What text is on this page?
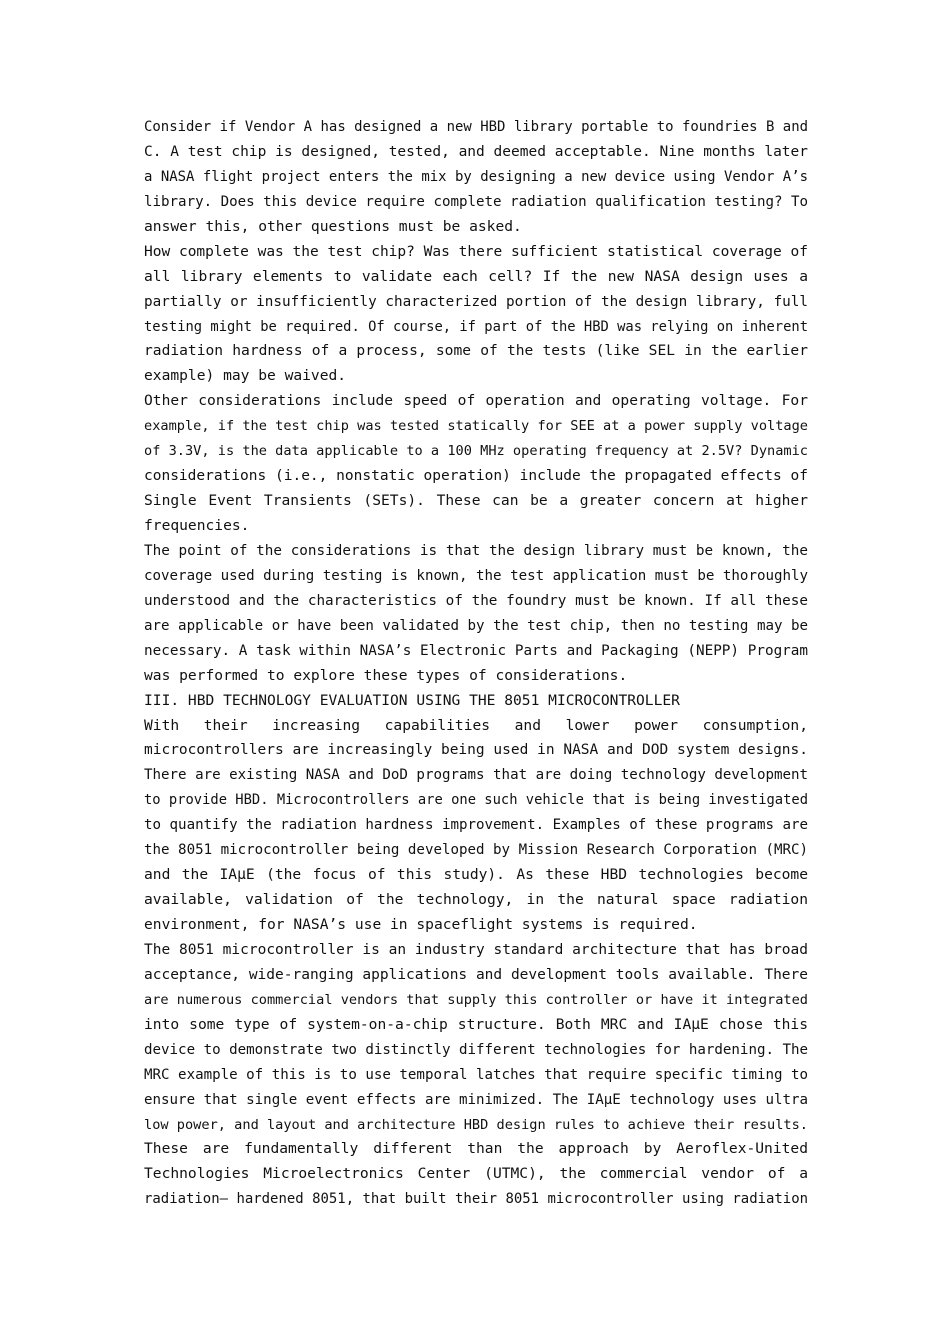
Consider if Vendor A has designed a new HBD library portable to foundries B and
C. A test chip is designed, tested, and deemed acceptable. Nine months later
a NASA flight project enters the mix by designing a new device using Vendor A’s
library. Does this device require complete radiation qualification testing? To
answer this, other questions must be asked.
How complete was the test chip? Was there sufficient statistical coverage of
all library elements to validate each cell? If the new NASA design uses a
partially or insufficiently characterized portion of the design library, full
testing might be required. Of course, if part of the HBD was relying on inherent
radiation hardness of a process, some of the tests (like SEL in the earlier
example) may be waived.
Other considerations include speed of operation and operating voltage. For
example, if the test chip was tested statically for SEE at a power supply voltage
of 3.3V, is the data applicable to a 100 MHz operating frequency at 2.5V? Dynamic
considerations (i.e., nonstatic operation) include the propagated effects of
Single Event Transients (SETs). These can be a greater concern at higher
frequencies.
The point of the considerations is that the design library must be known, the
coverage used during testing is known, the test application must be thoroughly
understood and the characteristics of the foundry must be known. If all these
are applicable or have been validated by the test chip, then no testing may be
necessary. A task within NASA’s Electronic Parts and Packaging (NEPP) Program
was performed to explore these types of considerations.
III. HBD TECHNOLOGY EVALUATION USING THE 8051 MICROCONTROLLER
With their increasing capabilities and lower power consumption,
microcontrollers are increasingly being used in NASA and DOD system designs.
There are existing NASA and DoD programs that are doing technology development
to provide HBD. Microcontrollers are one such vehicle that is being investigated
to quantify the radiation hardness improvement. Examples of these programs are
the 8051 microcontroller being developed by Mission Research Corporation (MRC)
and the IAμE (the focus of this study). As these HBD technologies become
available, validation of the technology, in the natural space radiation
environment, for NASA’s use in spaceflight systems is required.
The 8051 microcontroller is an industry standard architecture that has broad
acceptance, wide-ranging applications and development tools available. There
are numerous commercial vendors that supply this controller or have it integrated
into some type of system-on-a-chip structure. Both MRC and IAμE chose this
device to demonstrate two distinctly different technologies for hardening. The
MRC example of this is to use temporal latches that require specific timing to
ensure that single event effects are minimized. The IAμE technology uses ultra
low power, and layout and architecture HBD design rules to achieve their results.
These are fundamentally different than the approach by Aeroflex-United
Technologies Microelectronics Center (UTMC), the commercial vendor of a
radiation– hardened 8051, that built their 8051 microcontroller using radiation
